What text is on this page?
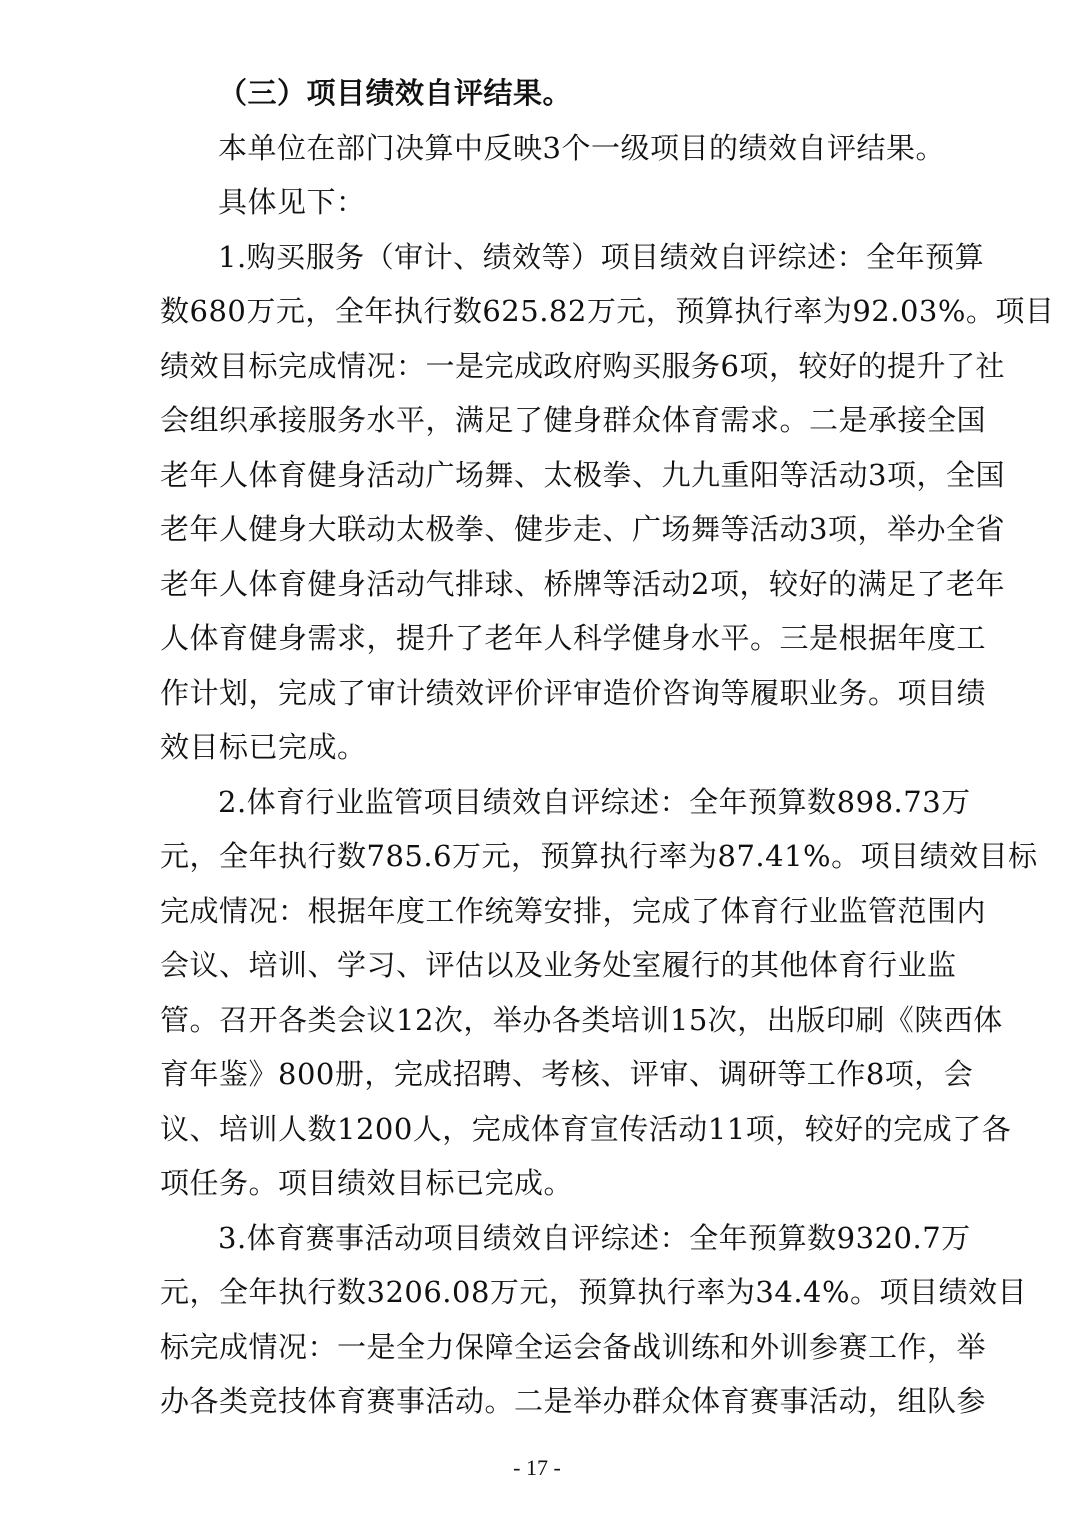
（三）项目绩效自评结果。

本单位在部门决算中反映3个一级项目的绩效自评结果。

具体见下：

1.购买服务（审计、绩效等）项目绩效自评综述：全年预算

数680万元，全年执行数625.82万元，预算执行率为92.03%。项目

绩效目标完成情况：一是完成政府购买服务6项，较好的提升了社

会组织承接服务水平，满足了健身群众体育需求。二是承接全国

老年人体育健身活动广场舞、太极拳、九九重阳等活动3项，全国

老年人健身大联动太极拳、健步走、广场舞等活动3项，举办全省

老年人体育健身活动气排球、桥牌等活动2项，较好的满足了老年

人体育健身需求，提升了老年人科学健身水平。三是根据年度工

作计划，完成了审计绩效评价评审造价咨询等履职业务。项目绩

效目标已完成。

2.体育行业监管项目绩效自评综述：全年预算数898.73万

元，全年执行数785.6万元，预算执行率为87.41%。项目绩效目标

完成情况：根据年度工作统筹安排，完成了体育行业监管范围内

会议、培训、学习、评估以及业务处室履行的其他体育行业监

管。召开各类会议12次，举办各类培训15次，出版印刷《陕西体

育年鉴》800册，完成招聘、考核、评审、调研等工作8项，会

议、培训人数1200人，完成体育宣传活动11项，较好的完成了各

项任务。项目绩效目标已完成。

3.体育赛事活动项目绩效自评综述：全年预算数9320.7万

元，全年执行数3206.08万元，预算执行率为34.4%。项目绩效目

标完成情况：一是全力保障全运会备战训练和外训参赛工作，举

办各类竞技体育赛事活动。二是举办群众体育赛事活动，组队参

- 17 -
